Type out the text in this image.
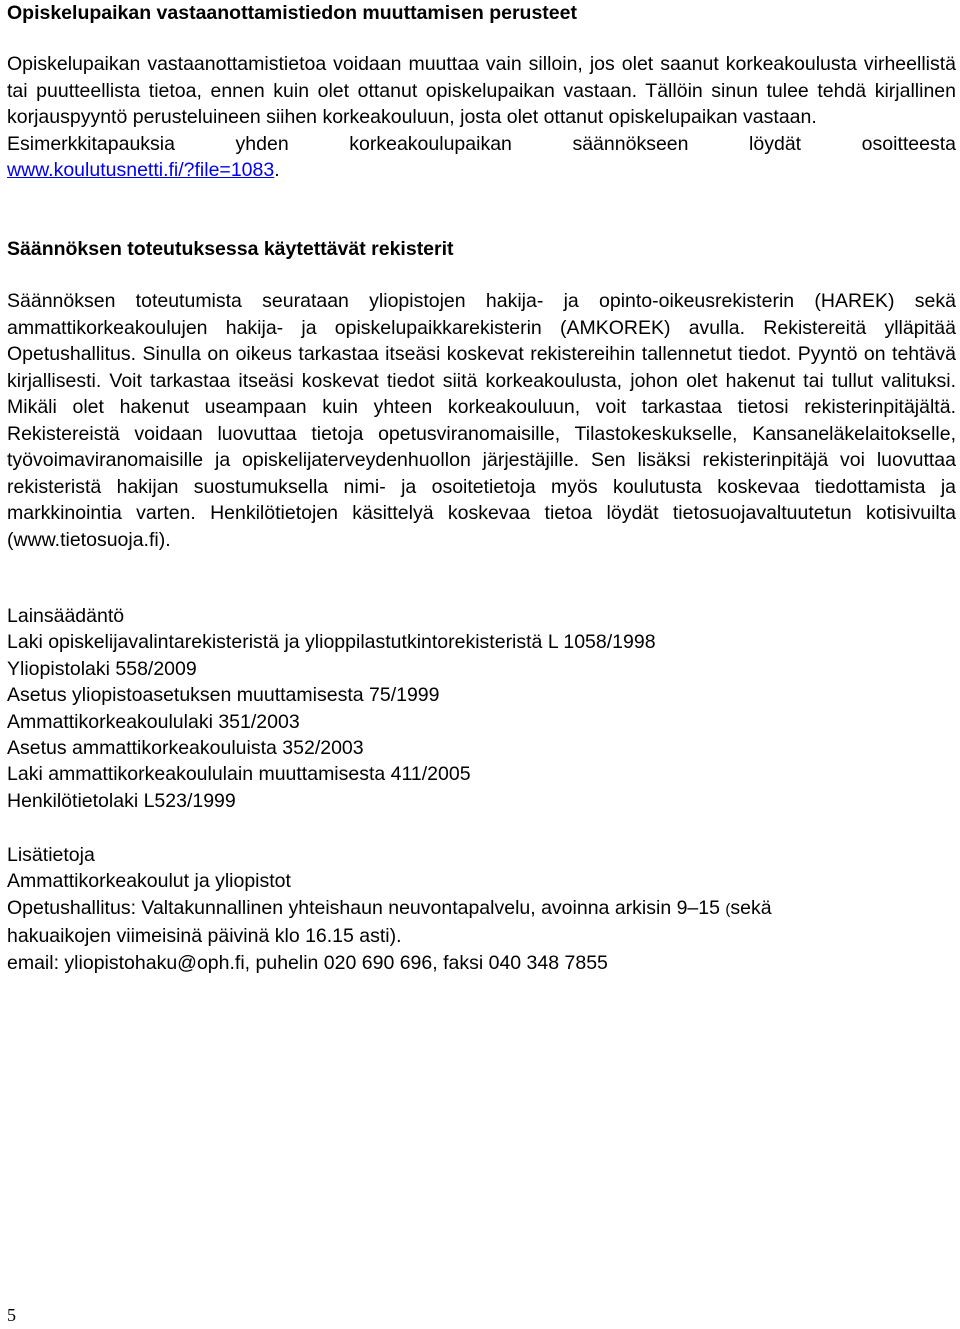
Opiskelupaikan vastaanottamistiedon muuttamisen perusteet

Opiskelupaikan vastaanottamistietoa voidaan muuttaa vain silloin, jos olet saanut korkeakoulusta virheellistä tai puutteellista tietoa, ennen kuin olet ottanut opiskelupaikan vastaan. Tällöin sinun tulee tehdä kirjallinen korjauspyyntö perusteluineen siihen korkeakouluun, josta olet ottanut opiskelupaikan vastaan.
Esimerkkitapauksia yhden korkeakoulupaikan säännökseen löydät osoitteesta
www.koulutusnetti.fi/?file=1083.

Säännöksen toteutuksessa käytettävät rekisterit

Säännöksen toteutumista seurataan yliopistojen hakija- ja opinto-oikeusrekisterin (HAREK) sekä ammattikorkeakoulujen hakija- ja opiskelupaikkarekisterin (AMKOREK) avulla. Rekistereitä ylläpitää Opetushallitus. Sinulla on oikeus tarkastaa itseäsi koskevat rekistereihin tallennetut tiedot. Pyyntö on tehtävä kirjallisesti. Voit tarkastaa itseäsi koskevat tiedot siitä korkeakoulusta, johon olet hakenut tai tullut valituksi. Mikäli olet hakenut useampaan kuin yhteen korkeakouluun, voit tarkastaa tietosi rekisterinpitäjältä. Rekistereistä voidaan luovuttaa tietoja opetusviranomaisille, Tilastokeskukselle, Kansaneläkelaitokselle, työvoimaviranomaisille ja opiskelijaterveydenhuollon järjestäjille. Sen lisäksi rekisterinpitäjä voi luovuttaa rekisteristä hakijan suostumuksella nimi- ja osoitetietoja myös koulutusta koskevaa tiedottamista ja markkinointia varten. Henkilötietojen käsittelyä koskevaa tietoa löydät tietosuojavaltuutetun kotisivuilta (www.tietosuoja.fi).

Lainsäädäntö
Laki opiskelijavalintarekisteristä ja ylioppilastutkintorekisteristä L 1058/1998
Yliopistolaki 558/2009
Asetus yliopistoasetuksen muuttamisesta 75/1999
Ammattikorkeakoululaki 351/2003
Asetus ammattikorkeakouluista 352/2003
Laki ammattikorkeakoululain muuttamisesta 411/2005
Henkilötietolaki L523/1999
Lisätietoja
Ammattikorkeakoulut ja yliopistot
Opetushallitus: Valtakunnallinen yhteishaun neuvontapalvelu, avoinna arkisin 9–15 (sekä
hakuaikojen viimeisinä päivinä klo 16.15 asti).
email: yliopistohaku@oph.fi, puhelin 020 690 696, faksi 040 348 7855
5
